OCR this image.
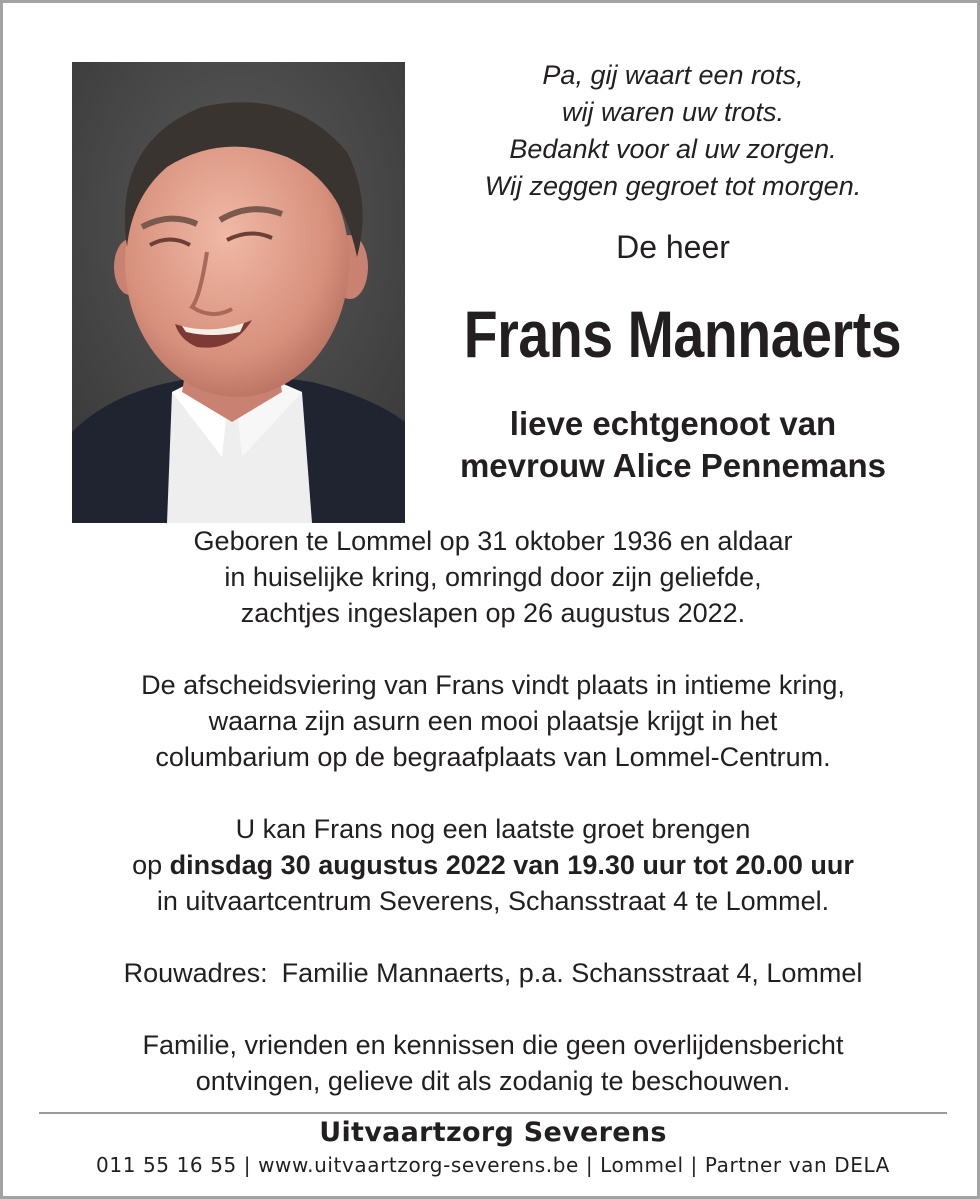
Pa, gij waart een rots,
wij waren uw trots.
Bedankt voor al uw zorgen.
Wij zeggen gegroet tot morgen.
De heer
Frans Mannaerts
lieve echtgenoot van
mevrouw Alice Pennemans
Geboren te Lommel op 31 oktober 1936 en aldaar
in huiselijke kring, omringd door zijn geliefde,
zachtjes ingeslapen op 26 augustus 2022.
De afscheidsviering van Frans vindt plaats in intieme kring,
waarna zijn asurn een mooi plaatsje krijgt in het
columbarium op de begraafplaats van Lommel-Centrum.
U kan Frans nog een laatste groet brengen
op dinsdag 30 augustus 2022 van 19.30 uur tot 20.00 uur
in uitvaartcentrum Severens, Schansstraat 4 te Lommel.
Rouwadres: Familie Mannaerts, p.a. Schansstraat 4, Lommel
Familie, vrienden en kennissen die geen overlijdensbericht
ontvingen, gelieve dit als zodanig te beschouwen.
Uitvaartzorg Severens
011 55 16 55 | www.uitvaartzorg-severens.be | Lommel | Partner van DELA
